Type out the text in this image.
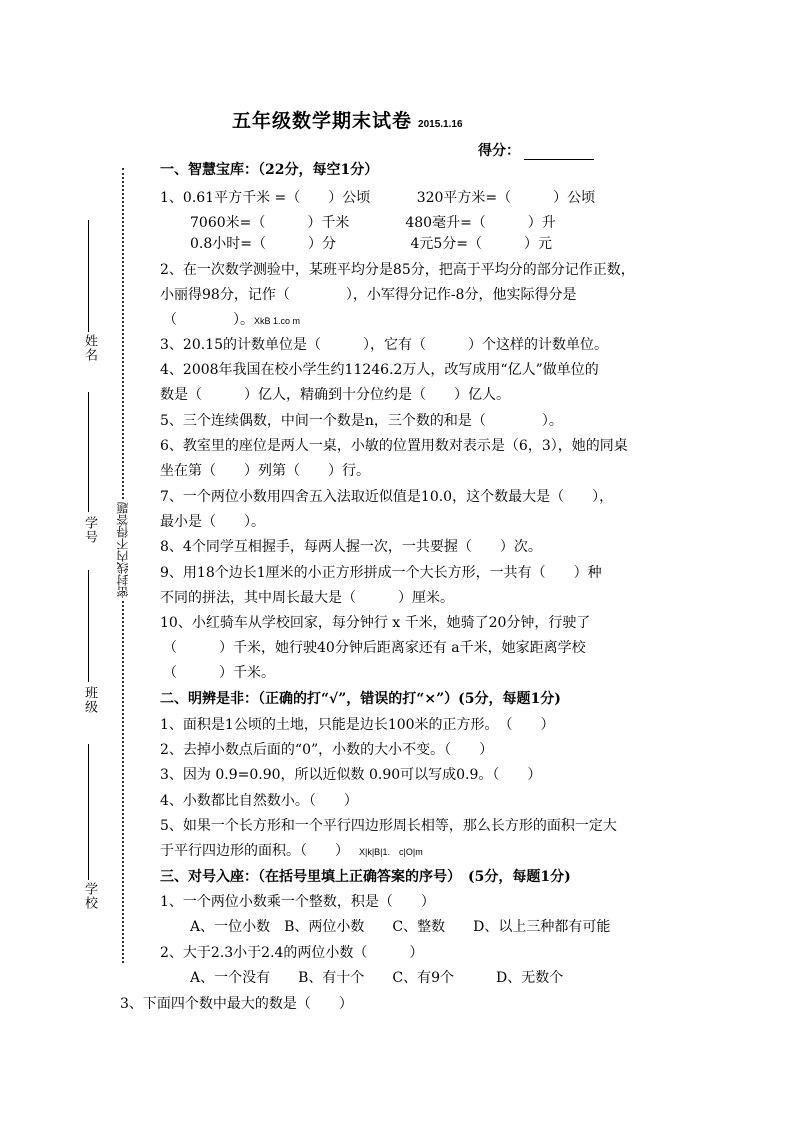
五年级数学期末试卷 2015.1.16
得分：
密封线内不得答题
姓名
学号
班级
学校
一、智慧宝库：（22分，每空1分）
1、0.61平方千米 =（　　）公顷　　　 320平方米=（　　　）公顷
7060米=（　　　）千米　　　　480毫升=（　　　）升
0.8小时=（　　　）分　　　　　 4元5分=（　　　）元
2、在一次数学测验中，某班平均分是85分，把高于平均分的部分记作正数，
小丽得98分，记作（　　　　），小军得分记作-8分，他实际得分是
（　　　　）。XkB 1.co m
3、20.15的计数单位是（　　　），它有（　　　）个这样的计数单位。
4、2008年我国在校小学生约11246.2万人，改写成用“亿人”做单位的
数是（　　　）亿人，精确到十分位约是（　　）亿人。
5、三个连续偶数，中间一个数是n，三个数的和是（　　　　）。
6、教室里的座位是两人一桌，小敏的位置用数对表示是（6，3），她的同桌
坐在第（　　）列第（　　）行。
7、一个两位小数用四舍五入法取近似值是10.0，这个数最大是（　　），
最小是（　　）。
8、4个同学互相握手，每两人握一次，一共要握（　　）次。
9、用18个边长1厘米的小正方形拼成一个大长方形，一共有（　　）种
不同的拼法，其中周长最大是（　　　）厘米。
10、小红骑车从学校回家，每分钟行 x 千米，她骑了20分钟，行驶了
（　　　）千米，她行驶40分钟后距离家还有 a千米，她家距离学校
（　　　）千米。
二、明辨是非：（正确的打“√”，错误的打“×”）(5分，每题1分)
1、面积是1公顷的土地，只能是边长100米的正方形。　（　　）
2、去掉小数点后面的“0”，小数的大小不变。（　　）
3、因为 0.9=0.90，所以近似数 0.90可以写成0.9。（　　）
4、小数都比自然数小。（　　）
5、如果一个长方形和一个平行四边形周长相等，那么长方形的面积一定大
于平行四边形的面积。（　　） X|k|B|1.　c|O|m
三、对号入座：（在括号里填上正确答案的序号）　(5分，每题1分)
1、一个两位小数乘一个整数，积是（　　）
A、一位小数　B、两位小数　　C、整数　　D、以上三种都有可能
2、大于2.3小于2.4的两位小数（　　　）
A、一个没有　　B、有十个　　C、有9个　　　D、无数个
3、下面四个数中最大的数是（　　）
